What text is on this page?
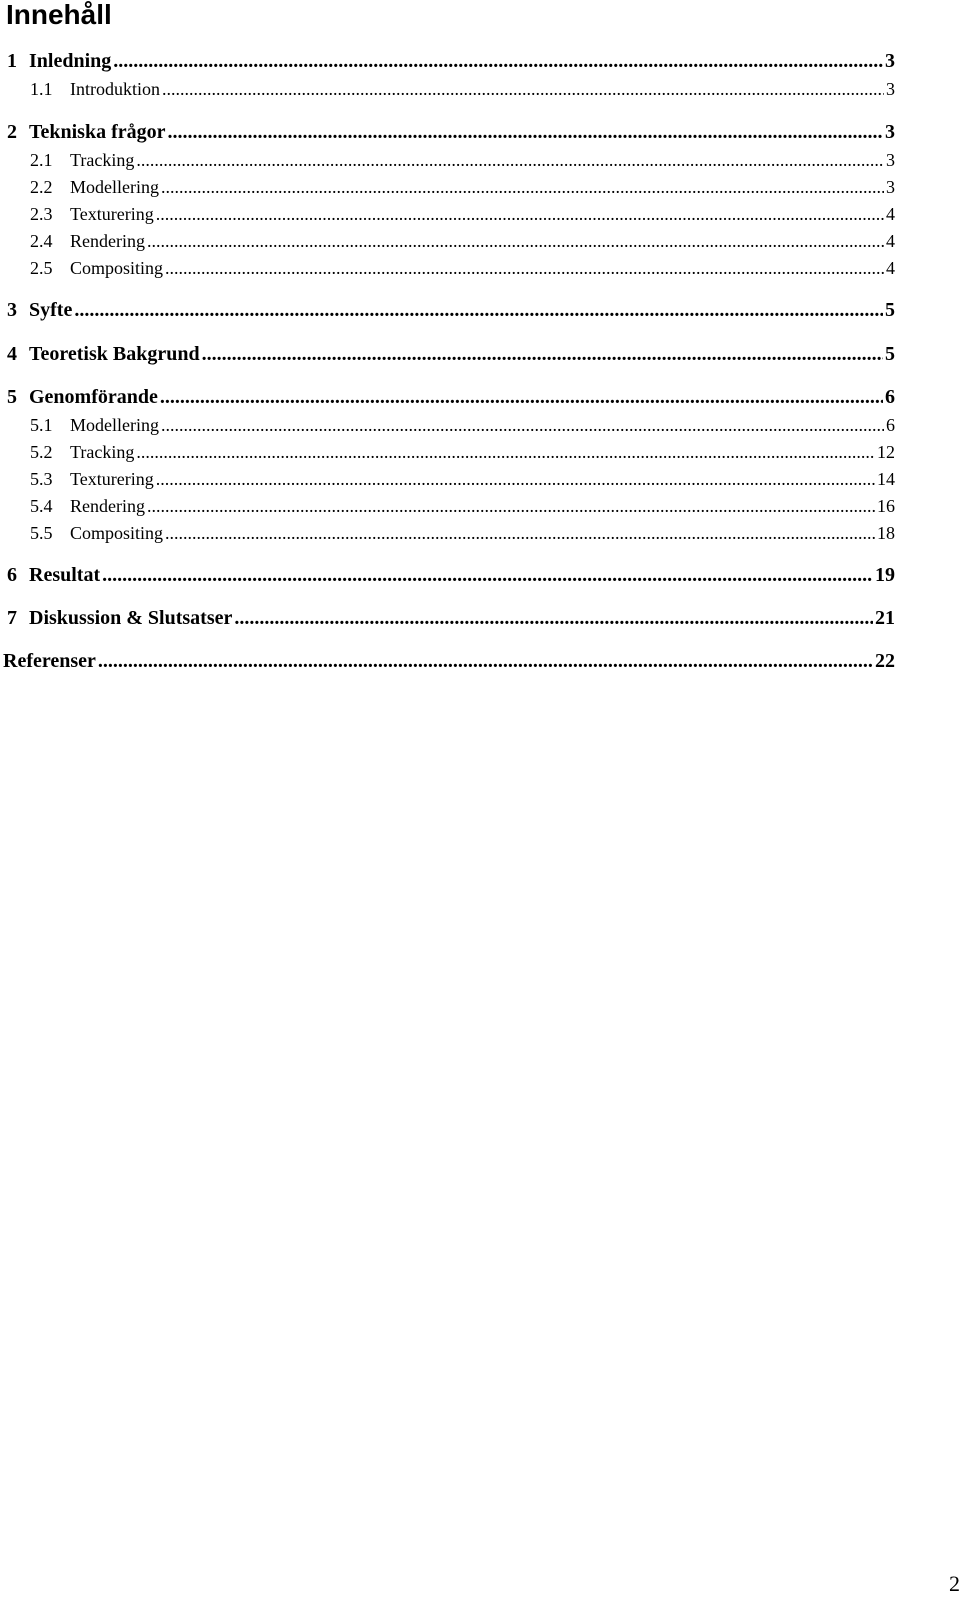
Innehåll
1 Inledning .....	3
1.1 Introduktion .....	3
2 Tekniska frågor .....	3
2.1 Tracking .....	3
2.2 Modellering .....	3
2.3 Texturering .....	4
2.4 Rendering .....	4
2.5 Compositing .....	4
3 Syfte .....	5
4 Teoretisk Bakgrund .....	5
5 Genomförande .....	6
5.1 Modellering .....	6
5.2 Tracking .....	12
5.3 Texturering .....	14
5.4 Rendering .....	16
5.5 Compositing .....	18
6 Resultat .....	19
7 Diskussion & Slutsatser .....	21
Referenser .....	22
2
